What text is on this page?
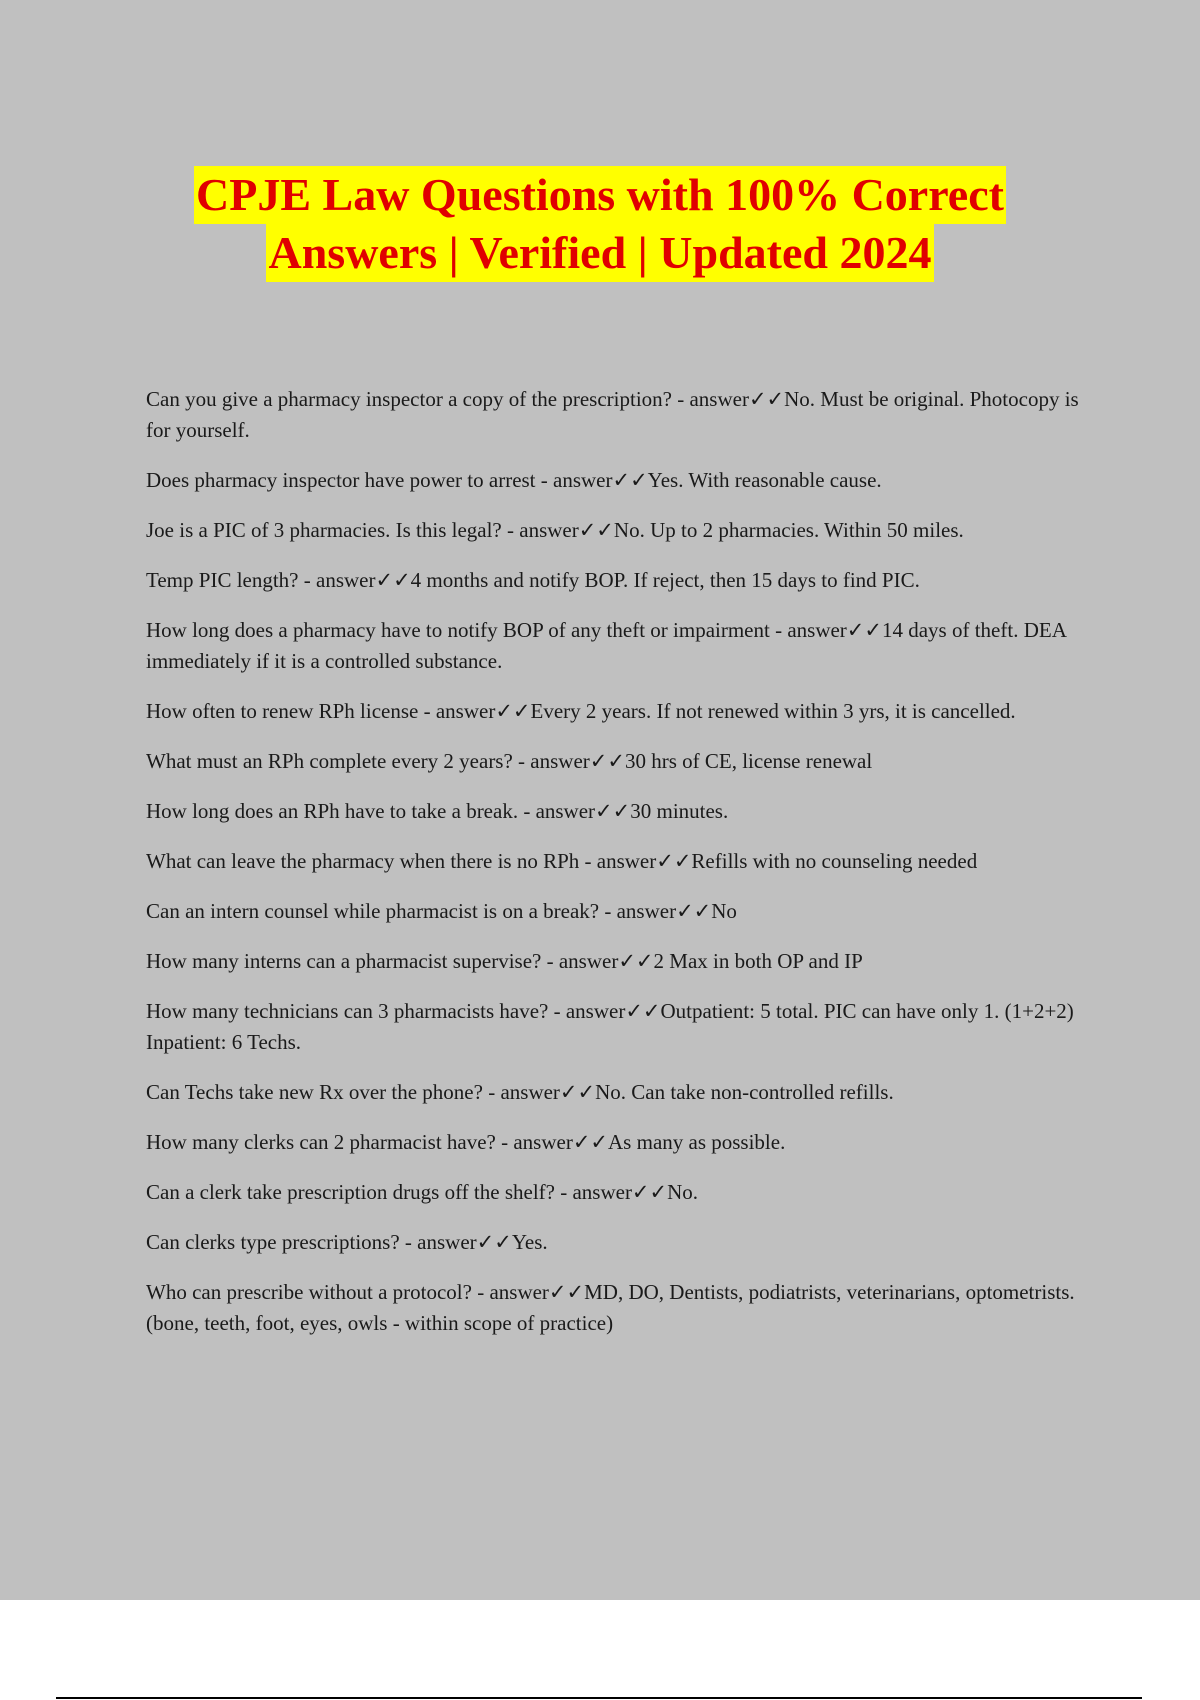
CPJE Law Questions with 100% Correct
Answers | Verified | Updated 2024
Can you give a pharmacy inspector a copy of the prescription? - answer✓✓No. Must be original. Photocopy is for yourself.
Does pharmacy inspector have power to arrest - answer✓✓Yes. With reasonable cause.
Joe is a PIC of 3 pharmacies. Is this legal? - answer✓✓No. Up to 2 pharmacies. Within 50 miles.
Temp PIC length? - answer✓✓4 months and notify BOP. If reject, then 15 days to find PIC.
How long does a pharmacy have to notify BOP of any theft or impairment - answer✓✓14 days of theft. DEA immediately if it is a controlled substance.
How often to renew RPh license - answer✓✓Every 2 years. If not renewed within 3 yrs, it is cancelled.
What must an RPh complete every 2 years? - answer✓✓30 hrs of CE, license renewal
How long does an RPh have to take a break. - answer✓✓30 minutes.
What can leave the pharmacy when there is no RPh - answer✓✓Refills with no counseling needed
Can an intern counsel while pharmacist is on a break? - answer✓✓No
How many interns can a pharmacist supervise? - answer✓✓2 Max in both OP and IP
How many technicians can 3 pharmacists have? - answer✓✓Outpatient: 5 total. PIC can have only 1. (1+2+2) Inpatient: 6 Techs.
Can Techs take new Rx over the phone? - answer✓✓No. Can take non-controlled refills.
How many clerks can 2 pharmacist have? - answer✓✓As many as possible.
Can a clerk take prescription drugs off the shelf? - answer✓✓No.
Can clerks type prescriptions? - answer✓✓Yes.
Who can prescribe without a protocol? - answer✓✓MD, DO, Dentists, podiatrists, veterinarians, optometrists. (bone, teeth, foot, eyes, owls - within scope of practice)
